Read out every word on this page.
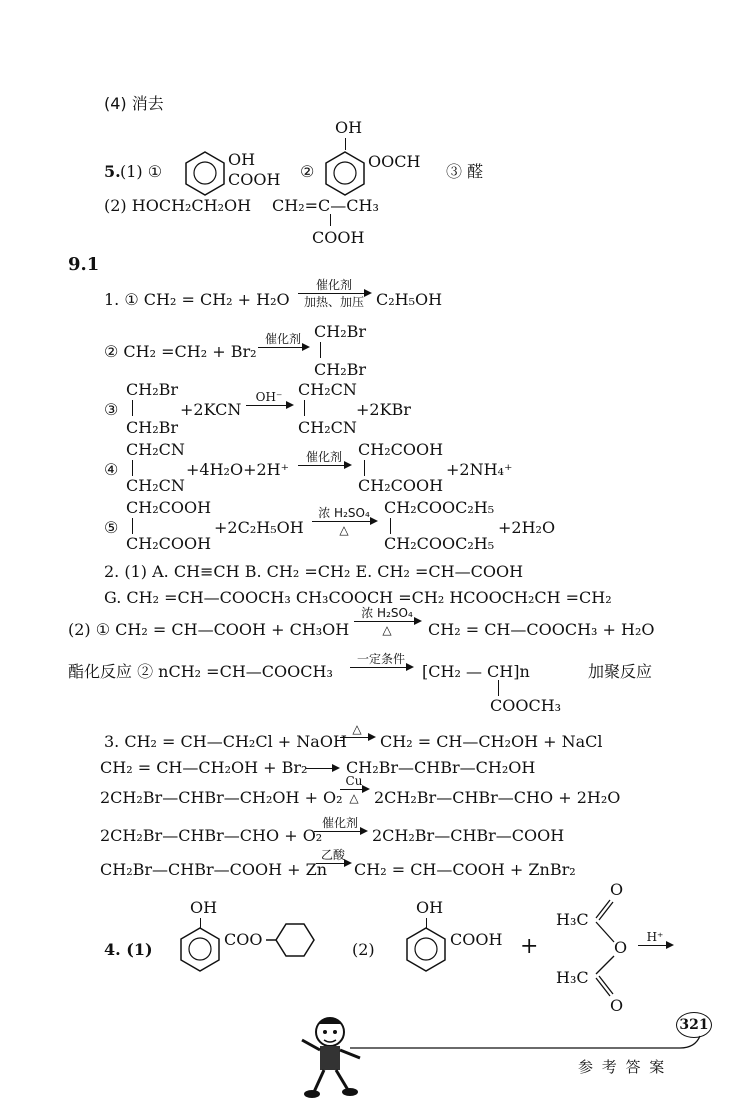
(4) 消去
5. (1) ①
OH
COOH ②
OH
OOCH
③ 醛
(2) HOCH₂CH₂OH CH₂=C—CH₃
COOH
9.1
1. ① CH₂ = CH₂ + H₂O
催化剂
加热、加压 C₂H₅OH
② CH₂ =CH₂ + Br₂
催化剂 CH₂Br
CH₂Br
③
CH₂Br
CH₂Br
+2KCN
OH⁻ CH₂CN
CH₂CN
+2KBr
④
CH₂CN
CH₂CN
+4H₂O+2H⁺
催化剂	CH₂COOH
CH₂COOH
+2NH₄⁺
⑤
CH₂COOH
CH₂COOH
+2C₂H₅OH
浓 H₂SO₄
△
CH₂COOC₂H₅
CH₂COOC₂H₅
+2H₂O
2. (1) A. CH≡CH B. CH₂ =CH₂ E. CH₂ =CH—COOH
G. CH₂ =CH—COOCH₃ CH₃COOCH =CH₂ HCOOCH₂CH =CH₂
(2) ① CH₂ = CH—COOH + CH₃OH
浓 H₂SO₄
△	CH₂ = CH—COOCH₃ + H₂O
酯化反应 ② nCH₂ =CH—COOCH₃
一定条件
[CH₂ — CH]n
COOCH₃
加聚反应
3. CH₂ = CH—CH₂Cl + NaOH
△
CH₂ = CH—CH₂OH + NaCl
CH₂ = CH—CH₂OH + Br₂ CH₂Br—CHBr—CH₂OH
2CH₂Br—CHBr—CH₂OH + O₂
Cu
△ 2CH₂Br—CHBr—CHO + 2H₂O
2CH₂Br—CHBr—CHO + O₂
催化剂
2CH₂Br—CHBr—COOH
CH₂Br—CHBr—COOH + Zn
乙酸
CH₂ = CH—COOH + ZnBr₂
4. (1)
OH
COO
(2)
OH
COOH +
O
H₃C
O
H₃C
O
H⁺
321
参 考 答 案
